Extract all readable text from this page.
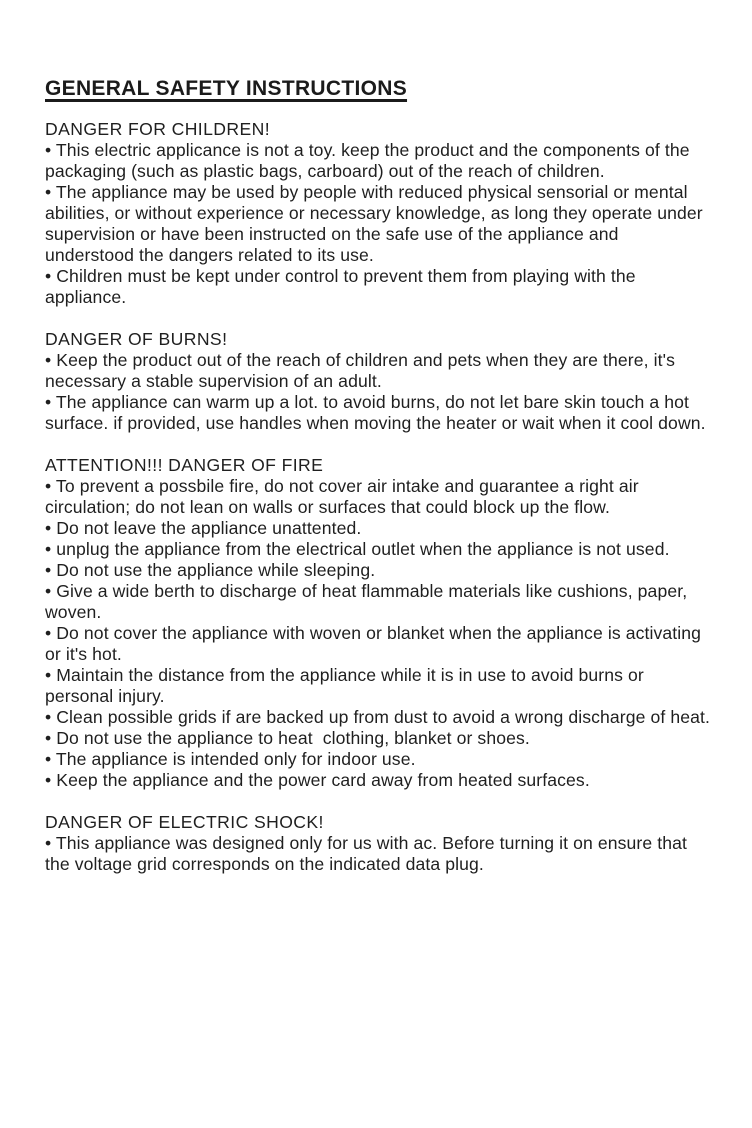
GENERAL SAFETY INSTRUCTIONS
DANGER FOR CHILDREN!

• This electric applicance is not a toy. keep the product and the components of the packaging (such as plastic bags, carboard) out of the reach of children.

• The appliance may be used by people with reduced physical sensorial or mental abilities, or without experience or necessary knowledge, as long they operate under supervision or have been instructed on the safe use of the appliance and understood the dangers related to its use.

• Children must be kept under control to prevent them from playing with the appliance.

DANGER OF BURNS!

• Keep the product out of the reach of children and pets when they are there, it's necessary a stable supervision of an adult.

• The appliance can warm up a lot. to avoid burns, do not let bare skin touch a hot surface. if provided, use handles when moving the heater or wait when it cool down.

ATTENTION!!! DANGER OF FIRE

• To prevent a possbile fire, do not cover air intake and guarantee a right air circulation; do not lean on walls or surfaces that could block up the flow.

• Do not leave the appliance unattented.

• unplug the appliance from the electrical outlet when the appliance is not used.

• Do not use the appliance while sleeping.

• Give a wide berth to discharge of heat flammable materials like cushions, paper, woven.

• Do not cover the appliance with woven or blanket when the appliance is activating or it's hot.

• Maintain the distance from the appliance while it is in use to avoid burns or personal injury.

• Clean possible grids if are backed up from dust to avoid a wrong discharge of heat.

• Do not use the appliance to heat  clothing, blanket or shoes.

• The appliance is intended only for indoor use.

• Keep the appliance and the power card away from heated surfaces.

DANGER OF ELECTRIC SHOCK!

• This appliance was designed only for us with ac. Before turning it on ensure that the voltage grid corresponds on the indicated data plug.
